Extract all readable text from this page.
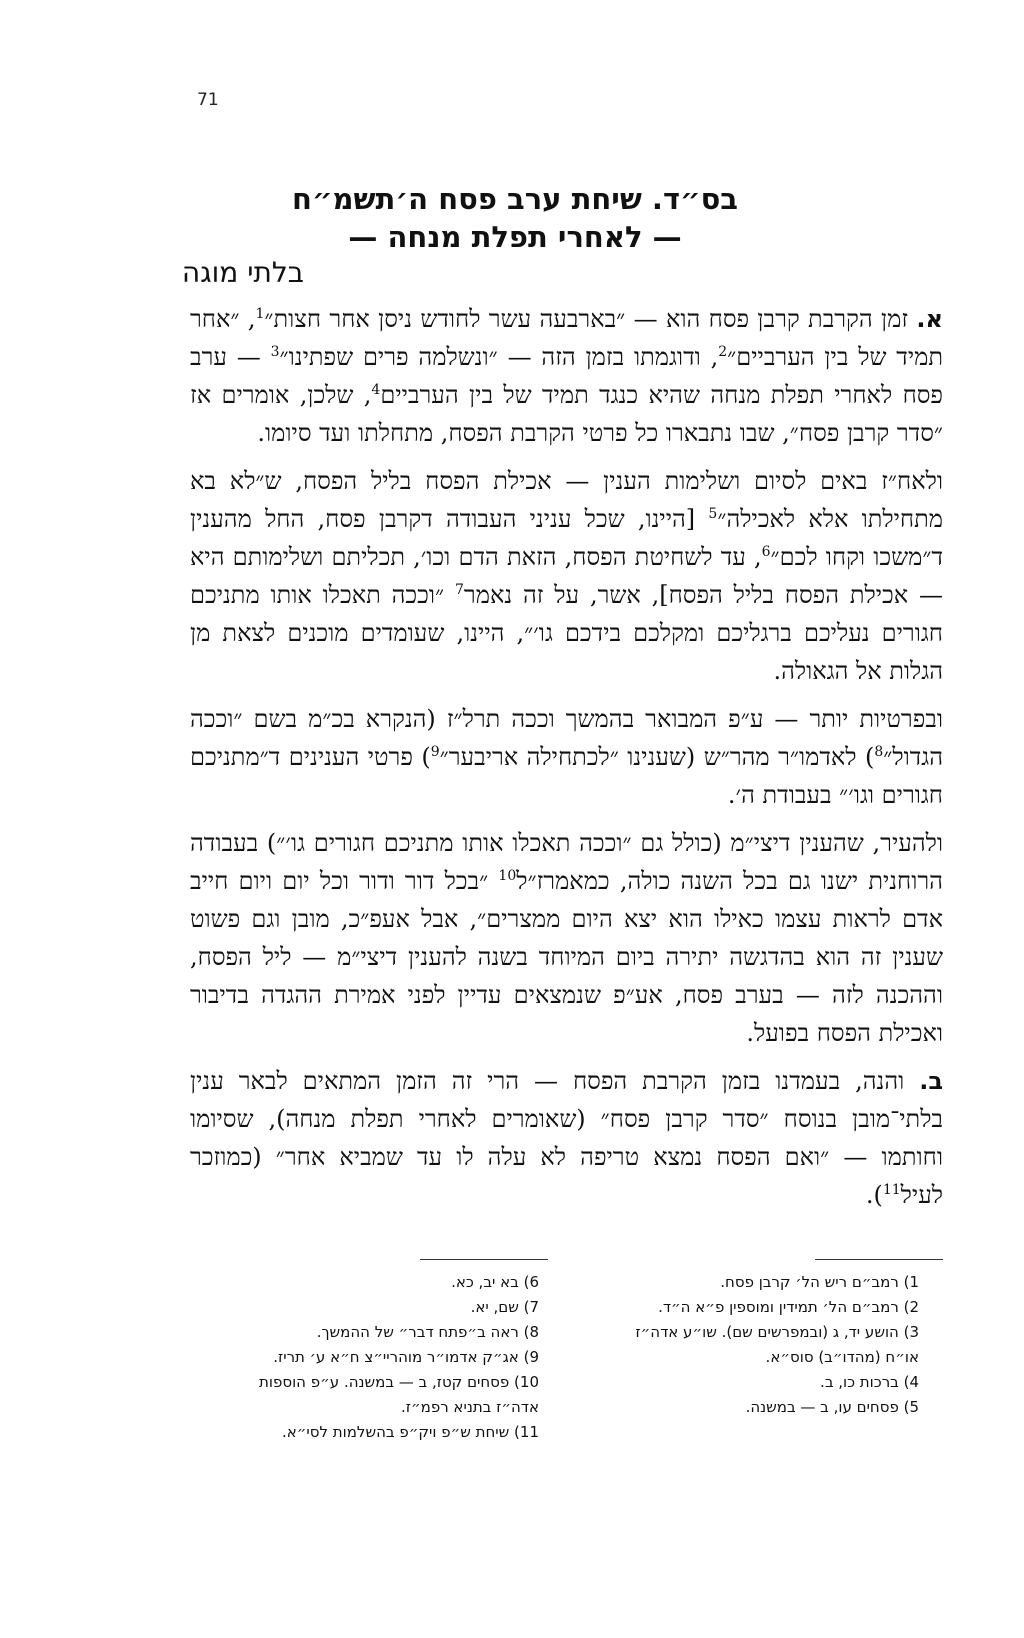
71
בס״ד. שיחת ערב פסח ה׳תשמ״ח
— לאחרי תפלת מנחה —
בלתי מוגה

א. זמן הקרבת קרבן פסח הוא — ״בארבעה עשר לחודש ניסן אחר חצות״$^1$, ״אחר תמיד של בין הערביים״$^2$, ודוגמתו בזמן הזה — ״ונשלמה פרים שפתינו״$^3$ — ערב פסח לאחרי תפלת מנחה שהיא כנגד תמיד של בין הערביים$^4$, שלכן, אומרים אז ״סדר קרבן פסח״, שבו נתבארו כל פרטי הקרבת הפסח, מתחלתו ועד סיומו.

ולאח״ז באים לסיום ושלימות הענין — אכילת הפסח בליל הפסח, ש״לא בא מתחילתו אלא לאכילה״$^5$ [היינו, שכל עניני העבודה דקרבן פסח, החל מהענין ד״משכו וקחו לכם״$^6$, עד לשחיטת הפסח, הזאת הדם וכו׳, תכליתם ושלימותם היא — אכילת הפסח בליל הפסח], אשר, על זה נאמר$^7$ ״וככה תאכלו אותו מתניכם חגורים נעליכם ברגליכם ומקלכם בידכם גו׳״, היינו, שעומדים מוכנים לצאת מן הגלות אל הגאולה.

ובפרטיות יותר — ע״פ המבואר בהמשך וככה תרל״ז (הנקרא בכ״מ בשם ״וככה הגדול״$^8$) לאדמו״ר מהר״ש (שענינו ״לכתחילה אריבער״$^9$) פרטי הענינים ד״מתניכם חגורים וגו׳״ בעבודת ה׳.

ולהעיר, שהענין דיצי״מ (כולל גם ״וככה תאכלו אותו מתניכם חגורים גו׳״) בעבודה הרוחנית ישנו גם בכל השנה כולה, כמאמרז״ל$^{10}$ ״בכל דור ודור וכל יום ויום חייב אדם לראות עצמו כאילו הוא יצא היום ממצרים״, אבל אעפ״כ, מובן וגם פשוט שענין זה הוא בהדגשה יתירה ביום המיוחד בשנה להענין דיצי״מ — ליל הפסח, וההכנה לזה — בערב פסח, אע״פ שנמצאים עדיין לפני אמירת ההגדה בדיבור ואכילת הפסח בפועל.

ב. והנה, בעמדנו בזמן הקרבת הפסח — הרי זה הזמן המתאים לבאר ענין בלתי־מובן בנוסח ״סדר קרבן פסח״ (שאומרים לאחרי תפלת מנחה), שסיומו וחותמו — ״ואם הפסח נמצא טריפה לא עלה לו עד שמביא אחר״ (כמוזכר לעיל$^{11}$).

1) רמב״ם ריש הל׳ קרבן פסח.
2) רמב״ם הל׳ תמידין ומוספין פ״א ה״ד.
3) הושע יד, ג (ובמפרשים שם). שו״ע אדה״ז
או״ח (מהדו״ב) סוס״א.
4) ברכות כו, ב.
5) פסחים עו, ב — במשנה.
6) בא יב, כא.
7) שם, יא.
8) ראה ב״פתח דבר״ של ההמשך.
9) אג״ק אדמו״ר מוהריי״צ ח״א ע׳ תריז.
10) פסחים קטז, ב — במשנה. ע״פ הוספות
אדה״ז בתניא רפמ״ז.
11) שיחת ש״פ ויק״פ בהשלמות לסי״א.
